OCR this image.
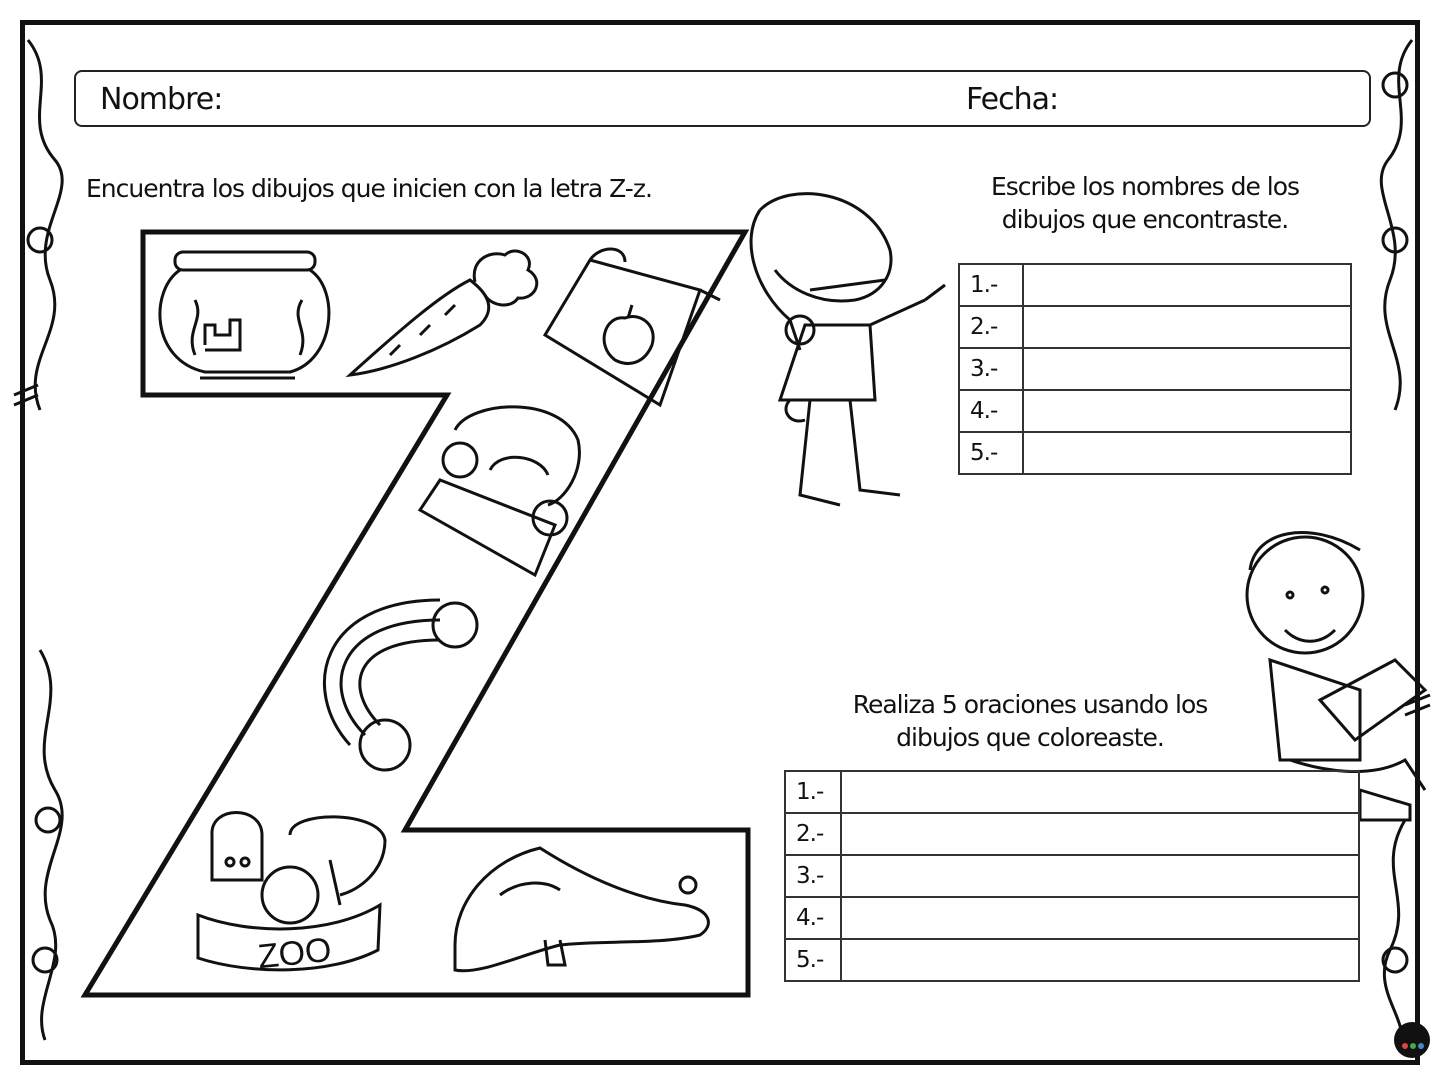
ZOO
Nombre:	Fecha:
Encuentra los dibujos que inicien con la letra Z-z.	Escribe los nombres de los
dibujos que encontraste.
Realiza 5 oraciones usando los
dibujos que coloreaste.
1.-	
2.-	
3.-	
4.-	
5.-	
1.-	
2.-	
3.-	
4.-	
5.-	
